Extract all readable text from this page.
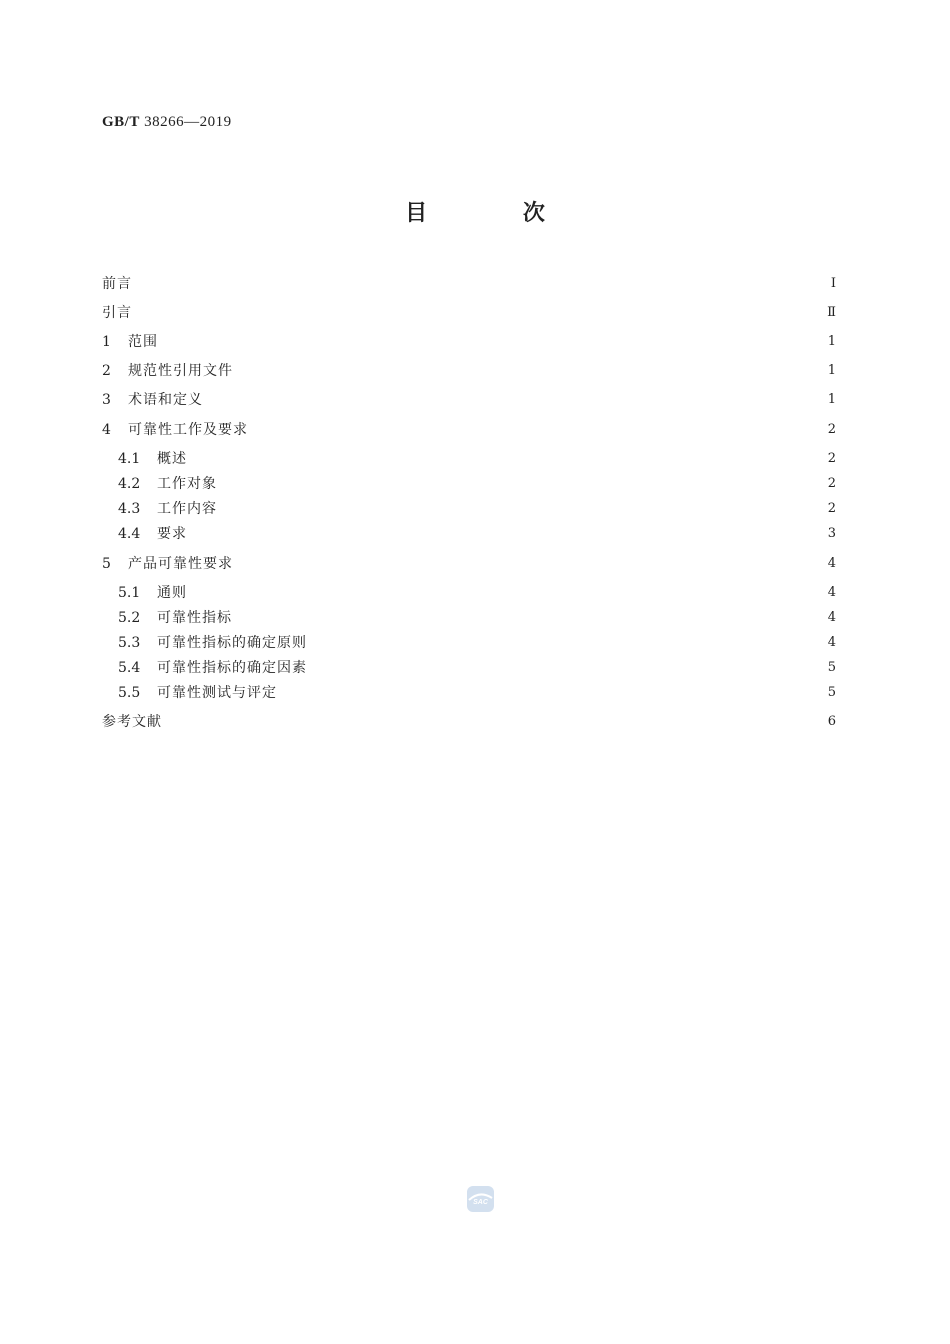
GB/T 38266—2019
目 次
前言	Ⅰ
引言	Ⅱ
1	范围	1
2	规范性引用文件	1
3	术语和定义	1
4	可靠性工作及要求	2
4.1	概述	2
4.2	工作对象	2
4.3	工作内容	2
4.4	要求	3
5	产品可靠性要求	4
5.1	通则	4
5.2	可靠性指标	4
5.3	可靠性指标的确定原则	4
5.4	可靠性指标的确定因素	5
5.5	可靠性测试与评定	5
参考文献	6
SAC
